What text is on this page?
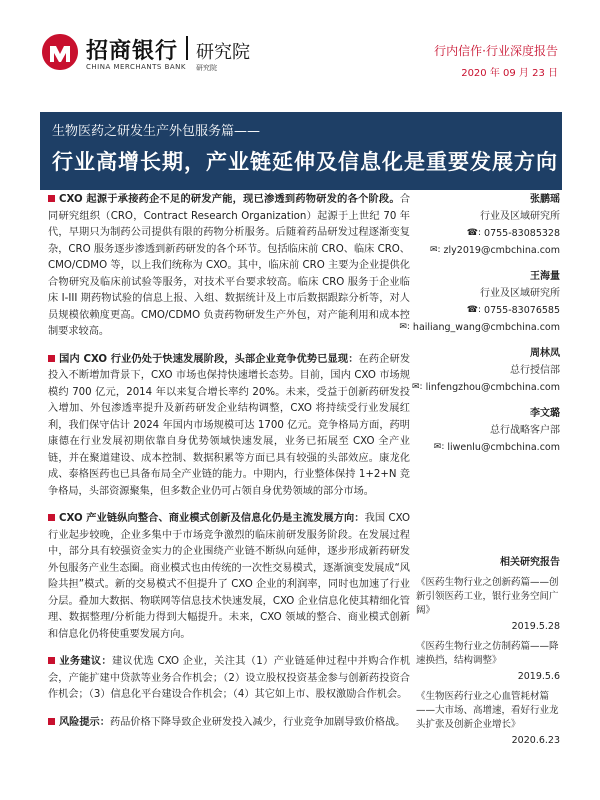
招商银行 研究院
CHINA MERCHANTS BANK 研究院
行内信作·行业深度报告
2020 年 09 月 23 日
生物医药之研发生产外包服务篇——
行业高增长期，产业链延伸及信息化是重要发展方向

CXO 起源于承接药企不足的研发产能，现已渗透到药物研发的各个阶段。合同研究组织（CRO，Contract Research Organization）起源于上世纪 70 年代，早期只为制药公司提供有限的药物分析服务。后随着药品研发过程逐渐变复杂，CRO 服务逐步渗透到新药研发的各个环节。包括临床前 CRO、临床 CRO、CMO/CDMO 等，以上我们统称为 CXO。其中，临床前 CRO 主要为企业提供化合物研究及临床前试验等服务，对技术平台要求较高。临床 CRO 服务于企业临床 I-III 期药物试验的信息上报、入组、数据统计及上市后数据跟踪分析等，对人员规模依赖度更高。CMO/CDMO 负责药物研发生产外包，对产能利用和成本控制要求较高。

国内 CXO 行业仍处于快速发展阶段，头部企业竞争优势已显现：在药企研发投入不断增加背景下，CXO 市场也保持快速增长态势。目前，国内 CXO 市场规模约 700 亿元，2014 年以来复合增长率约 20%。未来，受益于创新药研发投入增加、外包渗透率提升及新药研发企业结构调整，CXO 将持续受行业发展红利，我们保守估计 2024 年国内市场规模可达 1700 亿元。竞争格局方面，药明康德在行业发展初期依靠自身优势领域快速发展，业务已拓展至 CXO 全产业链，并在聚道建设、成本控制、数据积累等方面已具有较强的头部效应。康龙化成、泰格医药也已具备布局全产业链的能力。中期内，行业整体保持 1+2+N 竞争格局，头部资源聚集，但多数企业仍可占领自身优势领域的部分市场。

CXO 产业链纵向整合、商业模式创新及信息化仍是主流发展方向：我国 CXO 行业起步较晚，企业多集中于市场竞争激烈的临床前研发服务阶段。在发展过程中，部分具有较强资金实力的企业围绕产业链不断纵向延伸，逐步形成新药研发外包服务产业生态圈。商业模式也由传统的一次性交易模式，逐渐演变发展成“风险共担”模式。新的交易模式不但提升了 CXO 企业的利润率，同时也加速了行业分层。叠加大数据、物联网等信息技术快速发展，CXO 企业信息化使其精细化管理、数据整理/分析能力得到大幅提升。未来，CXO 领域的整合、商业模式创新和信息化仍将使重要发展方向。

业务建议：建议优选 CXO 企业，关注其（1）产业链延伸过程中并购合作机会，产能扩建中贷款等业务合作机会；（2）设立股权投资基金参与创新药投资合作机会；（3）信息化平台建设合作机会；（4）其它如上市、股权激励合作机会。

风险提示：药品价格下降导致企业研发投入减少，行业竞争加剧导致价格战。

张鹏瑶
行业及区域研究所
☎: 0755-83085328
✉: zly2019@cmbchina.com
王海量
行业及区域研究所
☎: 0755-83076585
✉: hailiang_wang@cmbchina.com
周林凤
总行授信部
✉: linfengzhou@cmbchina.com
李文璐
总行战略客户部
✉: liwenlu@cmbchina.com
相关研究报告
《医药生物行业之创新药篇——创新引领医药工业，银行业务空间广阔》
2019.5.28
《医药生物行业之仿制药篇——降速换挡，结构调整》
2019.5.6
《生物医药行业之心血管耗材篇——大市场、高增速，看好行业龙头扩张及创新企业增长》
2020.6.23
